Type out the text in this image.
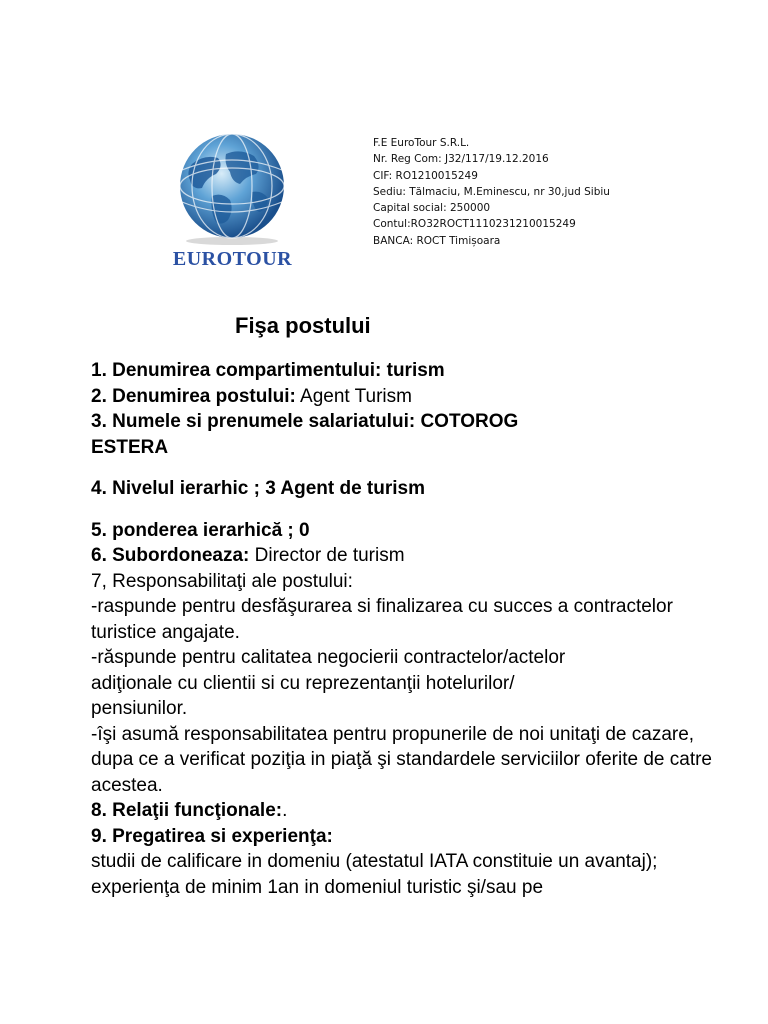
EUROTOUR
F.E EuroTour S.R.L.
Nr. Reg Com: J32/117/19.12.2016
CIF: RO1210015249
Sediu: Tălmaciu, M.Eminescu, nr 30,jud Sibiu
Capital social: 250000
Contul:RO32ROCT1110231210015249
BANCA: ROCT Timișoara
Fişa postului

1. Denumirea compartimentului: turism

2. Denumirea postului: Agent Turism

3. Numele si prenumele salariatului: COTOROG

ESTERA

4. Nivelul ierarhic ; 3 Agent de turism

5. ponderea ierarhică ; 0

6. Subordoneaza: Director de turism

7, Responsabilitaţi ale postului:

-raspunde pentru desfăşurarea si finalizarea cu succes a contractelor turistice angajate.

-răspunde pentru calitatea negocierii contractelor/actelor

adiţionale cu clientii si cu reprezentanţii hotelurilor/

pensiunilor.

-îşi asumă responsabilitatea pentru propunerile de noi unitaţi de cazare, dupa ce a verificat poziţia in piaţă şi standardele serviciilor oferite de catre acestea.

8. Relaţii funcţionale:.

9. Pregatirea si experienţa:

studii de calificare in domeniu (atestatul IATA constituie un avantaj);

experienţa de minim 1an in domeniul turistic şi/sau pe
